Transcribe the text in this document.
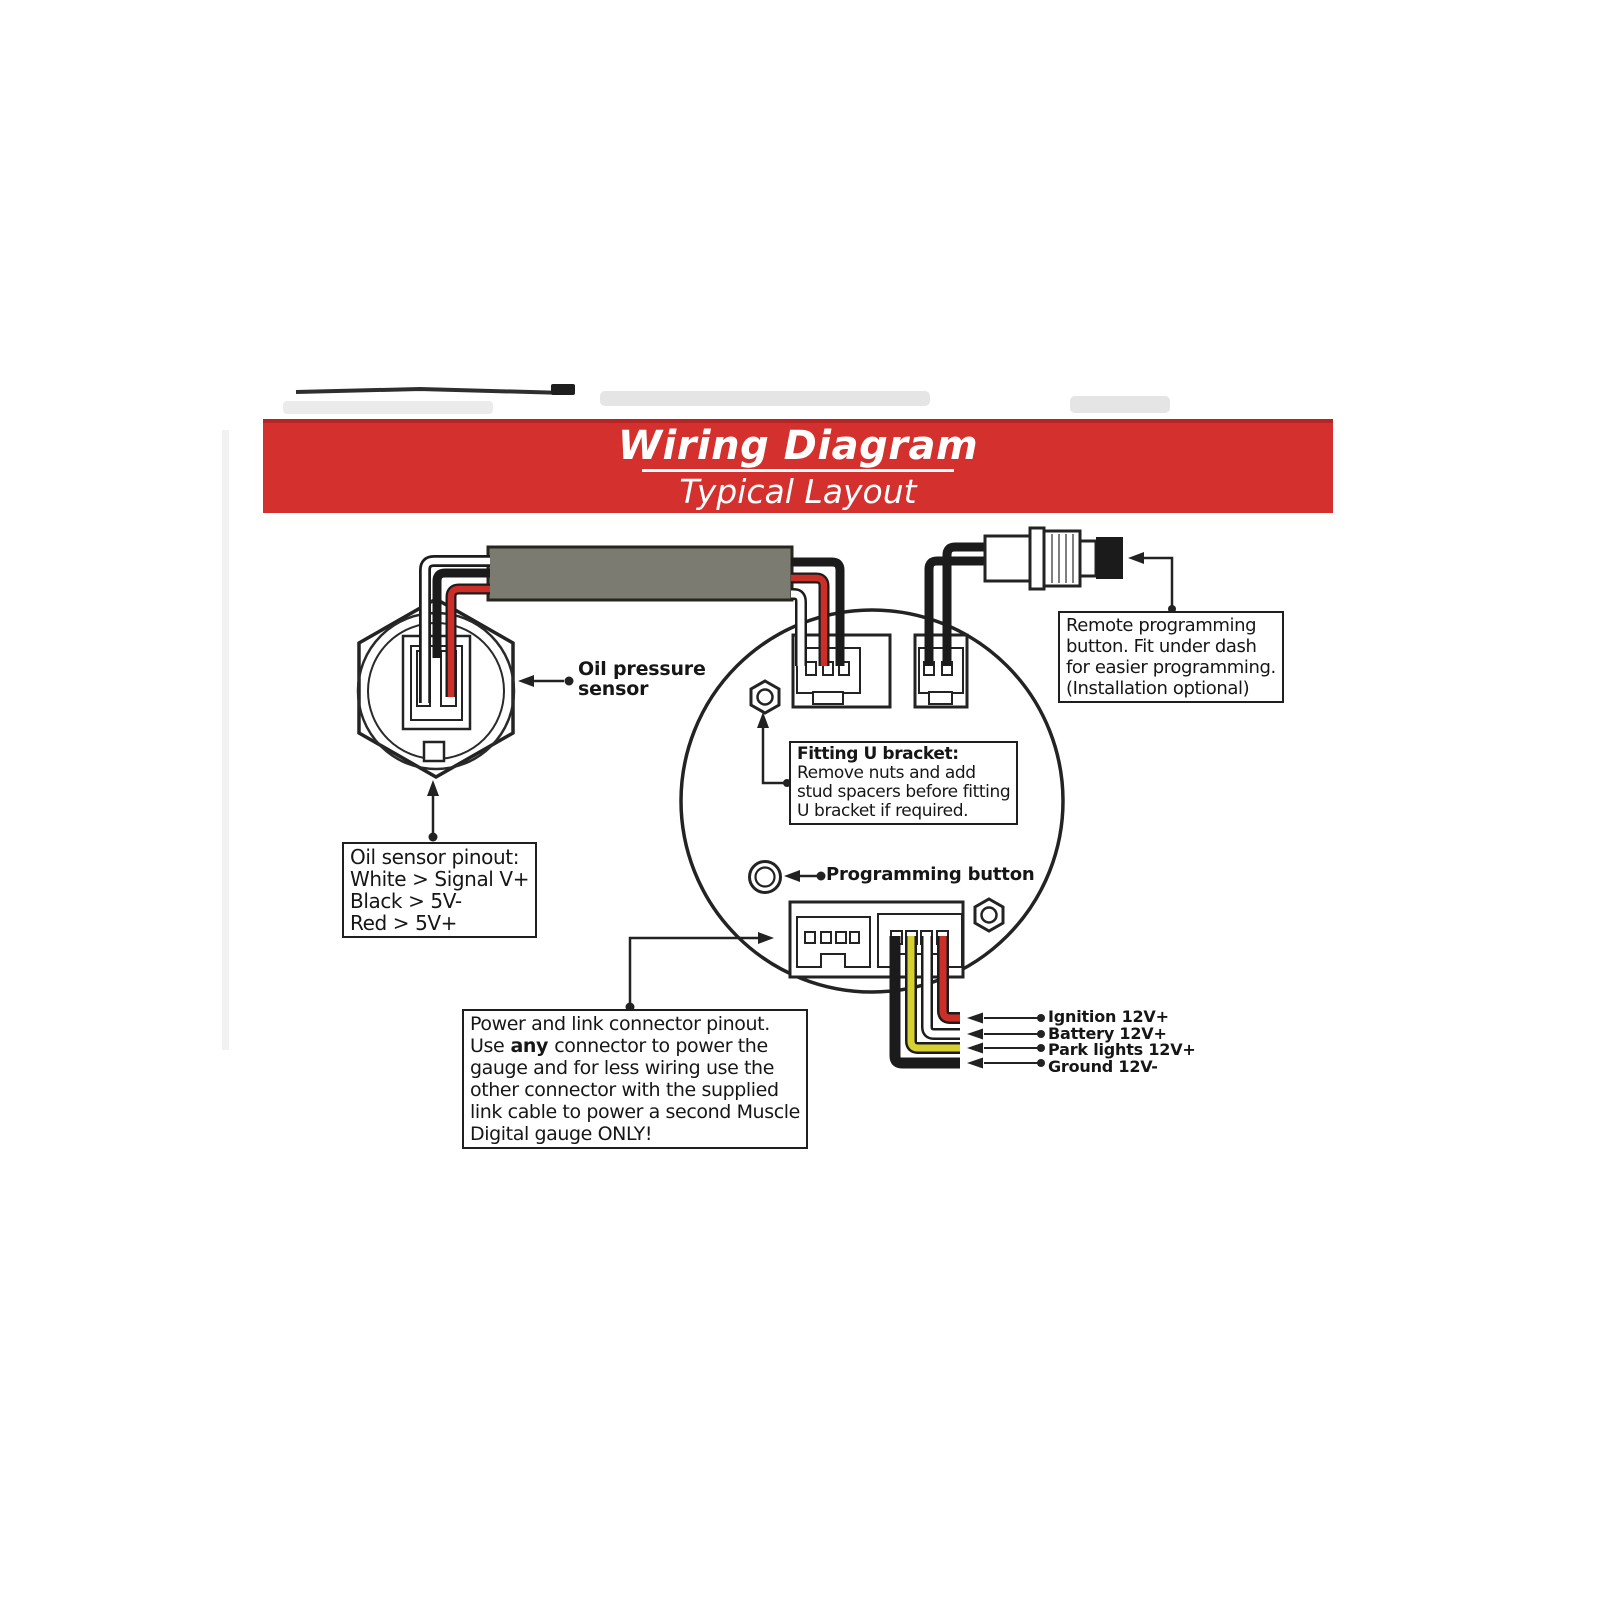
Wiring Diagram
Typical Layout
Oil sensor pinout:
White > Signal V+
Black > 5V-
Red > 5V+
Fitting U bracket:
Remove nuts and add
stud spacers before fitting
U bracket if required.
Remote programming
button. Fit under dash
for easier programming.
(Installation optional)
Power and link connector pinout.
Use any connector to power the
gauge and for less wiring use the
other connector with the supplied
link cable to power a second Muscle
Digital gauge ONLY!
Oil pressure
sensor
Programming button
Ignition 12V+
Battery 12V+
Park lights 12V+
Ground 12V-
